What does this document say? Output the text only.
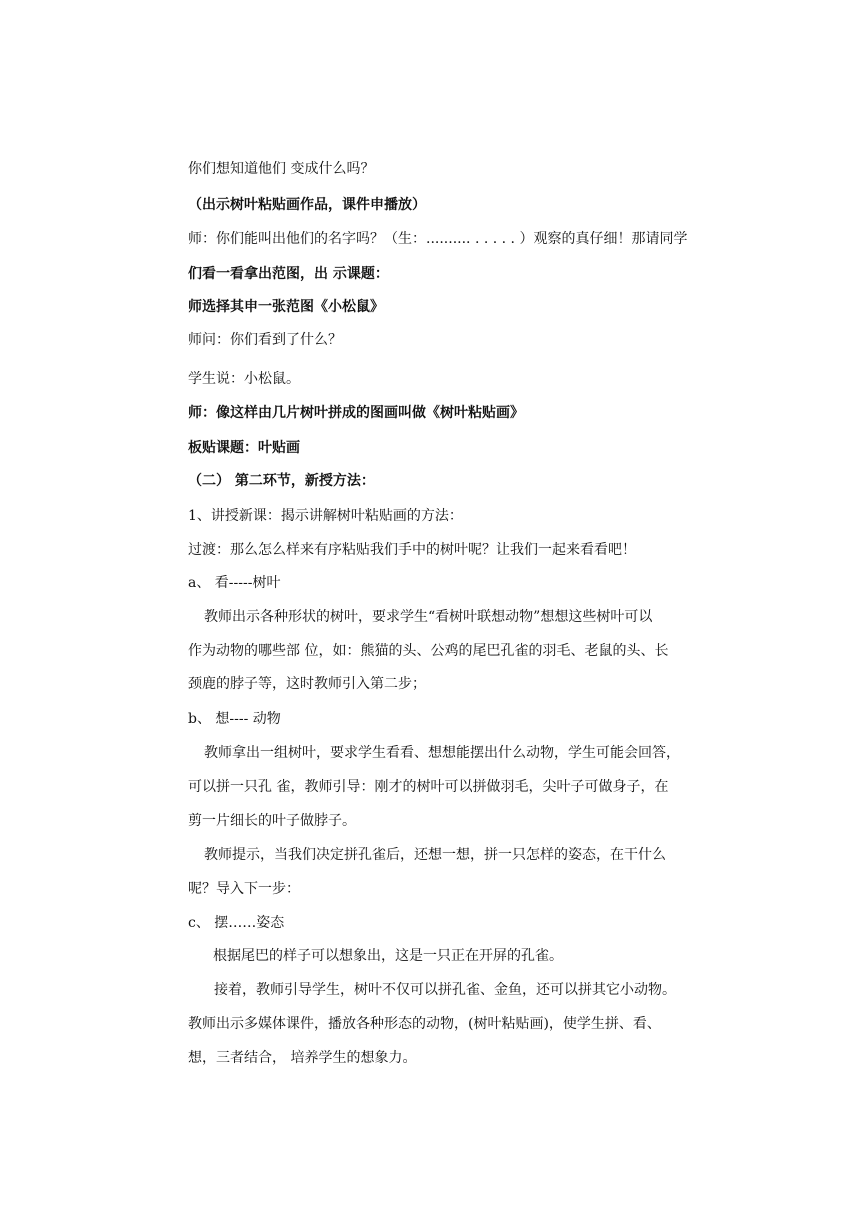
你们想知道他们 变成什么吗？
（出示树叶粘贴画作品，课件申播放）
师：你们能叫出他们的名字吗？（生：.......... . . . . . ）观察的真仔细！那请同学
们看一看拿出范图，出 示课题：
师选择其申一张范图《小松鼠》
师问：你们看到了什么？
学生说：小松鼠。
师：像这样由几片树叶拼成的图画叫做《树叶粘贴画》
板贴课题：叶贴画
（二） 第二环节，新授方法：
1、讲授新课：揭示讲解树叶粘贴画的方法：
过渡：那么怎么样来有序粘贴我们手中的树叶呢？让我们一起来看看吧！
a、 看-----树叶
教师出示各种形状的树叶，要求学生“看树叶联想动物”想想这些树叶可以
作为动物的哪些部 位，如：熊猫的头、公鸡的尾巴孔雀的羽毛、老鼠的头、长
颈鹿的脖子等，这时教师引入第二步；
b、 想---- 动物
教师拿出一组树叶，要求学生看看、想想能摆出什么动物，学生可能会回答，
可以拼一只孔 雀，教师引导：刚才的树叶可以拼做羽毛，尖叶子可做身子，在
剪一片细长的叶子做脖子。
教师提示，当我们决定拼孔雀后，还想一想，拼一只怎样的姿态，在干什么
呢？导入下一步：
c、 摆……姿态
根据尾巴的样子可以想象出，这是一只正在开屏的孔雀。
接着，教师引导学生，树叶不仅可以拼孔雀、金鱼，还可以拼其它小动物。
教师出示多媒体课件，播放各种形态的动物，(树叶粘贴画)，使学生拼、看、
想，三者结合， 培养学生的想象力。
